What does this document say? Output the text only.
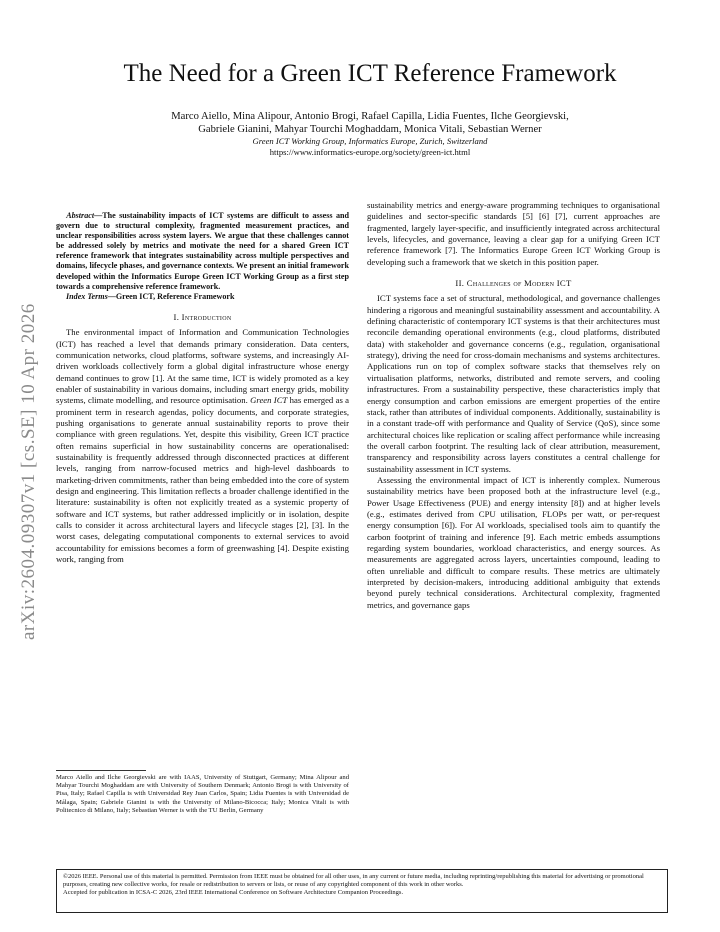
arXiv:2604.09307v1 [cs.SE] 10 Apr 2026
The Need for a Green ICT Reference Framework
Marco Aiello, Mina Alipour, Antonio Brogi, Rafael Capilla, Lidia Fuentes, Ilche Georgievski,
Gabriele Gianini, Mahyar Tourchi Moghaddam, Monica Vitali, Sebastian Werner
Green ICT Working Group, Informatics Europe, Zurich, Switzerland
https://www.informatics-europe.org/society/green-ict.html

Abstract—The sustainability impacts of ICT systems are difficult to assess and govern due to structural complexity, fragmented measurement practices, and unclear responsibilities across system layers. We argue that these challenges cannot be addressed solely by metrics and motivate the need for a shared Green ICT reference framework that integrates sustainability across multiple perspectives and domains, lifecycle phases, and governance contexts. We present an initial framework developed within the Informatics Europe Green ICT Working Group as a first step towards a comprehensive reference framework.

Index Terms—Green ICT, Reference Framework

I. Introduction

The environmental impact of Information and Communication Technologies (ICT) has reached a level that demands primary consideration. Data centers, communication networks, cloud platforms, software systems, and increasingly AI-driven workloads collectively form a global digital infrastructure whose energy demand continues to grow [1]. At the same time, ICT is widely promoted as a key enabler of sustainability in various domains, including smart energy grids, mobility systems, climate modelling, and resource optimisation. Green ICT has emerged as a prominent term in research agendas, policy documents, and corporate strategies, pushing organisations to generate annual sustainability reports to prove their compliance with green regulations. Yet, despite this visibility, Green ICT practice often remains superficial in how sustainability concerns are operationalised: sustainability is frequently addressed through disconnected practices at different levels, ranging from narrow-focused metrics and high-level dashboards to marketing-driven commitments, rather than being embedded into the core of system design and engineering. This limitation reflects a broader challenge identified in the literature: sustainability is often not explicitly treated as a systemic property of software and ICT systems, but rather addressed implicitly or in isolation, despite calls to consider it across architectural layers and lifecycle stages [2], [3]. In the worst cases, delegating computational components to external services to avoid accountability for emissions becomes a form of greenwashing [4]. Despite existing work, ranging from

Marco Aiello and Ilche Georgievski are with IAAS, University of Stuttgart, Germany; Mina Alipour and Mahyar Tourchi Moghaddam are with University of Southern Denmark; Antonio Brogi is with University of Pisa, Italy; Rafael Capilla is with Universidad Rey Juan Carlos, Spain; Lidia Fuentes is with Universidad de Málaga, Spain; Gabriele Gianini is with the University of Milano-Bicocca; Italy; Monica Vitali is with Politecnico di Milano, Italy; Sebastian Werner is with the TU Berlin, Germany

sustainability metrics and energy-aware programming techniques to organisational guidelines and sector-specific standards [5] [6] [7], current approaches are fragmented, largely layer-specific, and insufficiently integrated across architectural levels, lifecycles, and governance, leaving a clear gap for a unifying Green ICT reference framework [7]. The Informatics Europe Green ICT Working Group is developing such a framework that we sketch in this position paper.

II. Challenges of Modern ICT

ICT systems face a set of structural, methodological, and governance challenges hindering a rigorous and meaningful sustainability assessment and accountability. A defining characteristic of contemporary ICT systems is that their architectures must reconcile demanding operational environments (e.g., cloud platforms, distributed data) with stakeholder and governance concerns (e.g., regulation, organisational strategy), driving the need for cross-domain mechanisms and systems architectures. Applications run on top of complex software stacks that themselves rely on virtualisation platforms, networks, distributed and remote servers, and cooling infrastructures. From a sustainability perspective, these characteristics imply that energy consumption and carbon emissions are emergent properties of the entire stack, rather than attributes of individual components. Additionally, sustainability is in a constant trade-off with performance and Quality of Service (QoS), since some architectural choices like replication or scaling affect performance while increasing the overall carbon footprint. The resulting lack of clear attribution, measurement, transparency and responsibility across layers constitutes a central challenge for sustainability assessment in ICT systems.

Assessing the environmental impact of ICT is inherently complex. Numerous sustainability metrics have been proposed both at the infrastructure level (e.g., Power Usage Effectiveness (PUE) and energy intensity [8]) and at higher levels (e.g., estimates derived from CPU utilisation, FLOPs per watt, or per-request energy consumption [6]). For AI workloads, specialised tools aim to quantify the carbon footprint of training and inference [9]. Each metric embeds assumptions regarding system boundaries, workload characteristics, and energy sources. As measurements are aggregated across layers, uncertainties compound, leading to often unreliable and difficult to compare results. These metrics are ultimately interpreted by decision-makers, introducing additional ambiguity that extends beyond purely technical considerations. Architectural complexity, fragmented metrics, and governance gaps

©2026 IEEE. Personal use of this material is permitted. Permission from IEEE must be obtained for all other uses, in any current or future media, including reprinting/republishing this material for advertising or promotional purposes, creating new collective works, for resale or redistribution to servers or lists, or reuse of any copyrighted component of this work in other works.
Accepted for publication in ICSA-C 2026, 23rd IEEE International Conference on Software Architecture Companion Proceedings.
